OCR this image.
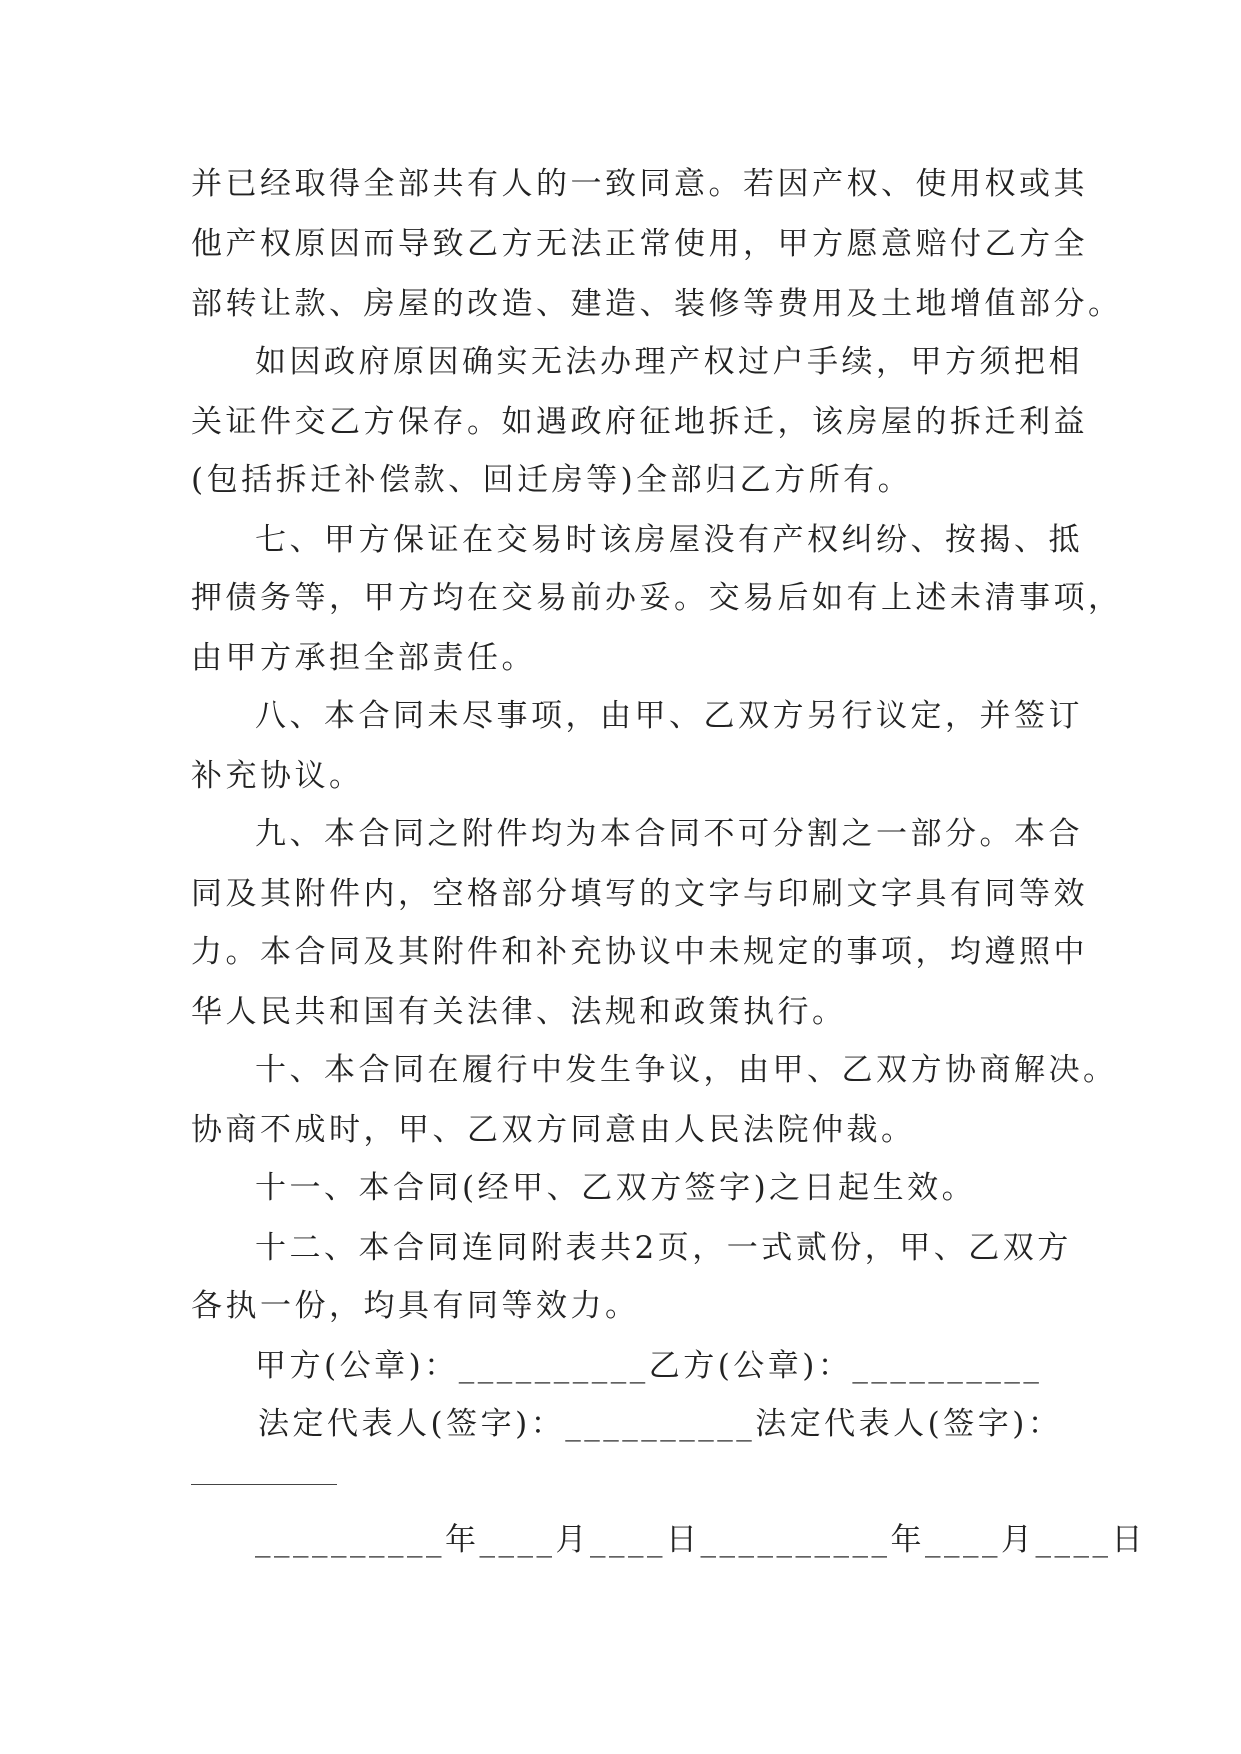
并已经取得全部共有人的一致同意。若因产权、使用权或其
他产权原因而导致乙方无法正常使用，甲方愿意赔付乙方全
部转让款、房屋的改造、建造、装修等费用及土地增值部分。
如因政府原因确实无法办理产权过户手续，甲方须把相
关证件交乙方保存。如遇政府征地拆迁，该房屋的拆迁利益
(包括拆迁补偿款、回迁房等)全部归乙方所有。
七、甲方保证在交易时该房屋没有产权纠纷、按揭、抵
押债务等，甲方均在交易前办妥。交易后如有上述未清事项，
由甲方承担全部责任。
八、本合同未尽事项，由甲、乙双方另行议定，并签订
补充协议。
九、本合同之附件均为本合同不可分割之一部分。本合
同及其附件内，空格部分填写的文字与印刷文字具有同等效
力。本合同及其附件和补充协议中未规定的事项，均遵照中
华人民共和国有关法律、法规和政策执行。
十、本合同在履行中发生争议，由甲、乙双方协商解决。
协商不成时，甲、乙双方同意由人民法院仲裁。
十一、本合同(经甲、乙双方签字)之日起生效。
十二、本合同连同附表共2页，一式贰份，甲、乙双方
各执一份，均具有同等效力。
甲方(公章)：__________乙方(公章)：__________
法定代表人(签字)：__________法定代表人(签字)：
__________年____月____日__________年____月____日
